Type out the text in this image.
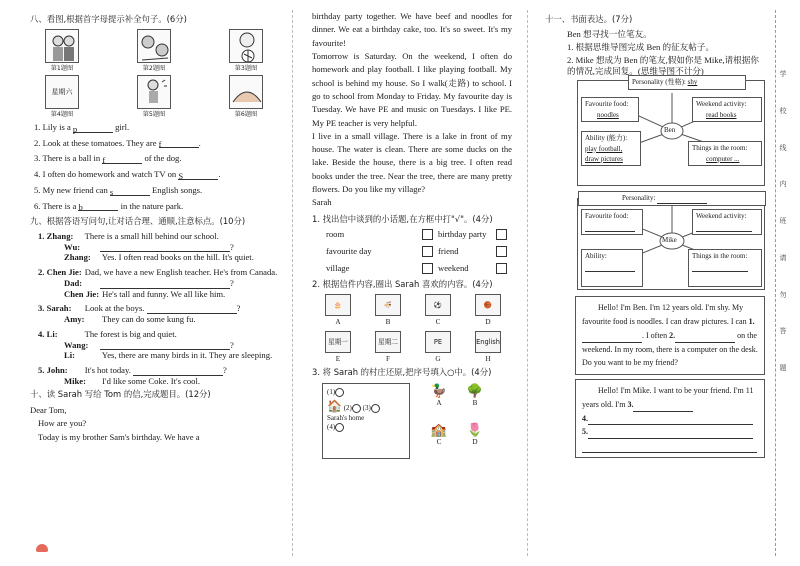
八、看图,根据首字母提示补全句子。(6分)
第1题图	第2题图	第3题图
星期六
第4题图	第5题图	第6题图
1. Lily is a p	girl.
2. Look at these tomatoes. They are f	.
3. There is a ball in f	of the dog.
4. I often do homework and watch TV on S	.
5. My new friend can s	English songs.
6. There is a b	in the nature park.
九、根据答语写问句,让对话合理、通顺,注意标点。(10分)
1. Zhang: There is a small hill behind our school.
Wu:	?
Zhang: Yes. I often read books on the hill. It's quiet.
2. Chen Jie: Dad, we have a new English teacher. He's from Canada.
Dad:	?
Chen Jie: He's tall and funny. We all like him.
3. Sarah: Look at the boys.	?
Amy: They can do some kung fu.
4. Li:	The forest is big and quiet.
Wang:	?
Li:	Yes, there are many birds in it. They are sleeping.
5. John: It's hot today.	?
Mike: I'd like some Coke. It's cool.
十、读 Sarah 写给 Tom 的信,完成题目。(12分)
Dear Tom,
How are you?
Today is my brother Sam's birthday. We have a
birthday party together. We have beef and noodles for dinner. We eat a birthday cake, too. It's so sweet. It's my favourite!
Tomorrow is Saturday. On the weekend, I often do homework and play football. I like playing football. My school is behind my house. So I walk(走路) to school. I go to school from Monday to Friday. My favourite day is Tuesday. We have PE and music on Tuesdays. I like PE. My PE teacher is very helpful.
I live in a small village. There is a lake in front of my house. The water is clean. There are some ducks on the lake. Beside the house, there is a big tree. I often read books under the tree. Near the tree, there are many pretty flowers. Do you like my village?
Sarah
1. 找出信中谈到的小话题,在方框中打"√"。(4分)
room	birthday party
favourite day	friend
village	weekend
2. 根据信件内容,圈出 Sarah 喜欢的内容。(4分)
🎂
A
🍜
B
⚽
C
🏀
D
星期一
E
星期二
F
PE
G
English
H
3. 将 Sarah 的村庄还原,把序号填入○中。(4分)
(1)
🏠 (2) (3)
Sarah's home
(4)
🦆
A
🌳
B
🏫
C
🌷
D
十一、书面表达。(7分)
Ben 想寻找一位笔友。
1. 根据思维导图完成 Ben 的征友帖子。
2. Mike 想成为 Ben 的笔友,假如你是 Mike,请根据你的情况,完成回复。(思维导图不计分)
Personality (性格): shy
Favourite food:
noodles
Weekend activity:
read books
Ben
Ability (能力):
play football,
draw pictures
Things in the room:
computer ...
Personality:
Favourite food:	Weekend activity:
Mike
Ability:	Things in the room:
Hello! I'm Ben. I'm 12 years old. I'm shy. My favourite food is noodles. I can draw pictures. I can 1.. I often 2.	on the weekend. In my room, there is a computer on the desk. Do you want to be my friend?
Hello! I'm Mike. I want to be your friend. I'm 11 years old. I'm 3.
4.
5.
学
校
线
内
班
请
勿
答
题
